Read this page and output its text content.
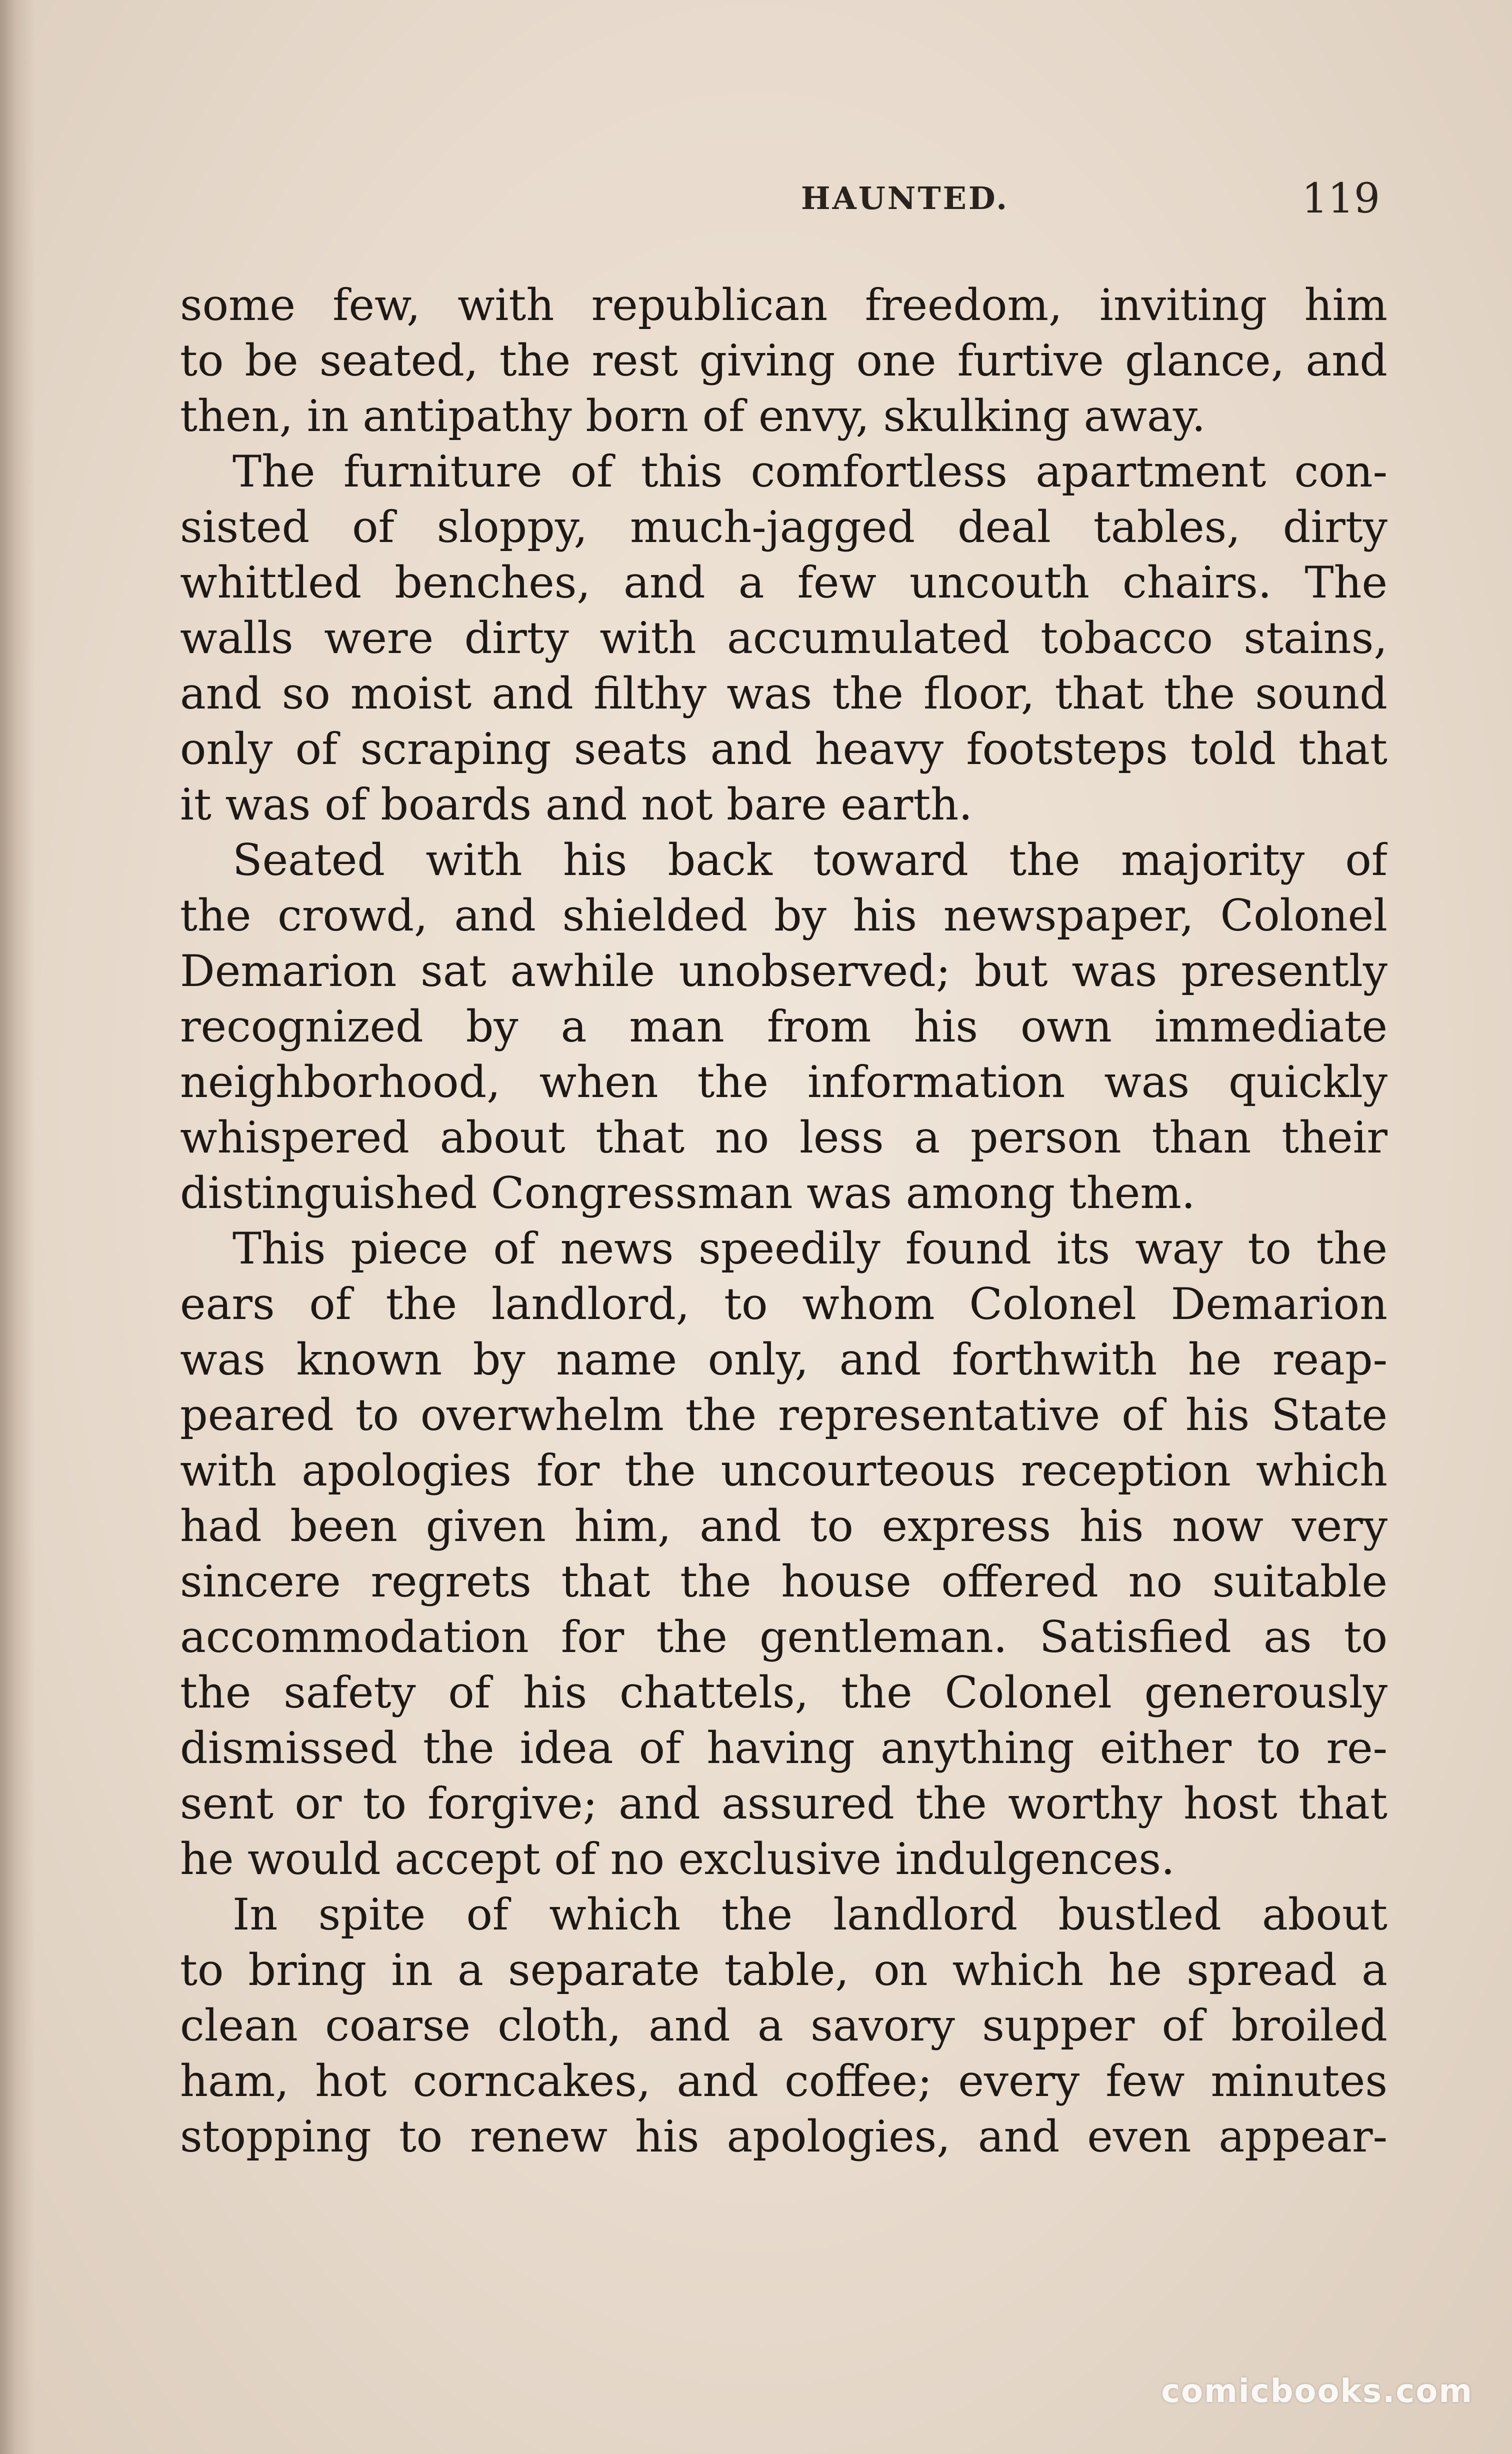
HAUNTED.	119
some few, with republican freedom, inviting him
to be seated, the rest giving one furtive glance, and
then, in antipathy born of envy, skulking away.
The furniture of this comfortless apartment con-
sisted of sloppy, much-jagged deal tables, dirty
whittled benches, and a few uncouth chairs. The
walls were dirty with accumulated tobacco stains,
and so moist and filthy was the floor, that the sound
only of scraping seats and heavy footsteps told that
it was of boards and not bare earth.
Seated with his back toward the majority of
the crowd, and shielded by his newspaper, Colonel
Demarion sat awhile unobserved; but was presently
recognized by a man from his own immediate
neighborhood, when the information was quickly
whispered about that no less a person than their
distinguished Congressman was among them.
This piece of news speedily found its way to the
ears of the landlord, to whom Colonel Demarion
was known by name only, and forthwith he reap-
peared to overwhelm the representative of his State
with apologies for the uncourteous reception which
had been given him, and to express his now very
sincere regrets that the house offered no suitable
accommodation for the gentleman. Satisfied as to
the safety of his chattels, the Colonel generously
dismissed the idea of having anything either to re-
sent or to forgive; and assured the worthy host that
he would accept of no exclusive indulgences.
In spite of which the landlord bustled about
to bring in a separate table, on which he spread a
clean coarse cloth, and a savory supper of broiled
ham, hot corncakes, and coffee; every few minutes
stopping to renew his apologies, and even appear-
comicbooks.com
